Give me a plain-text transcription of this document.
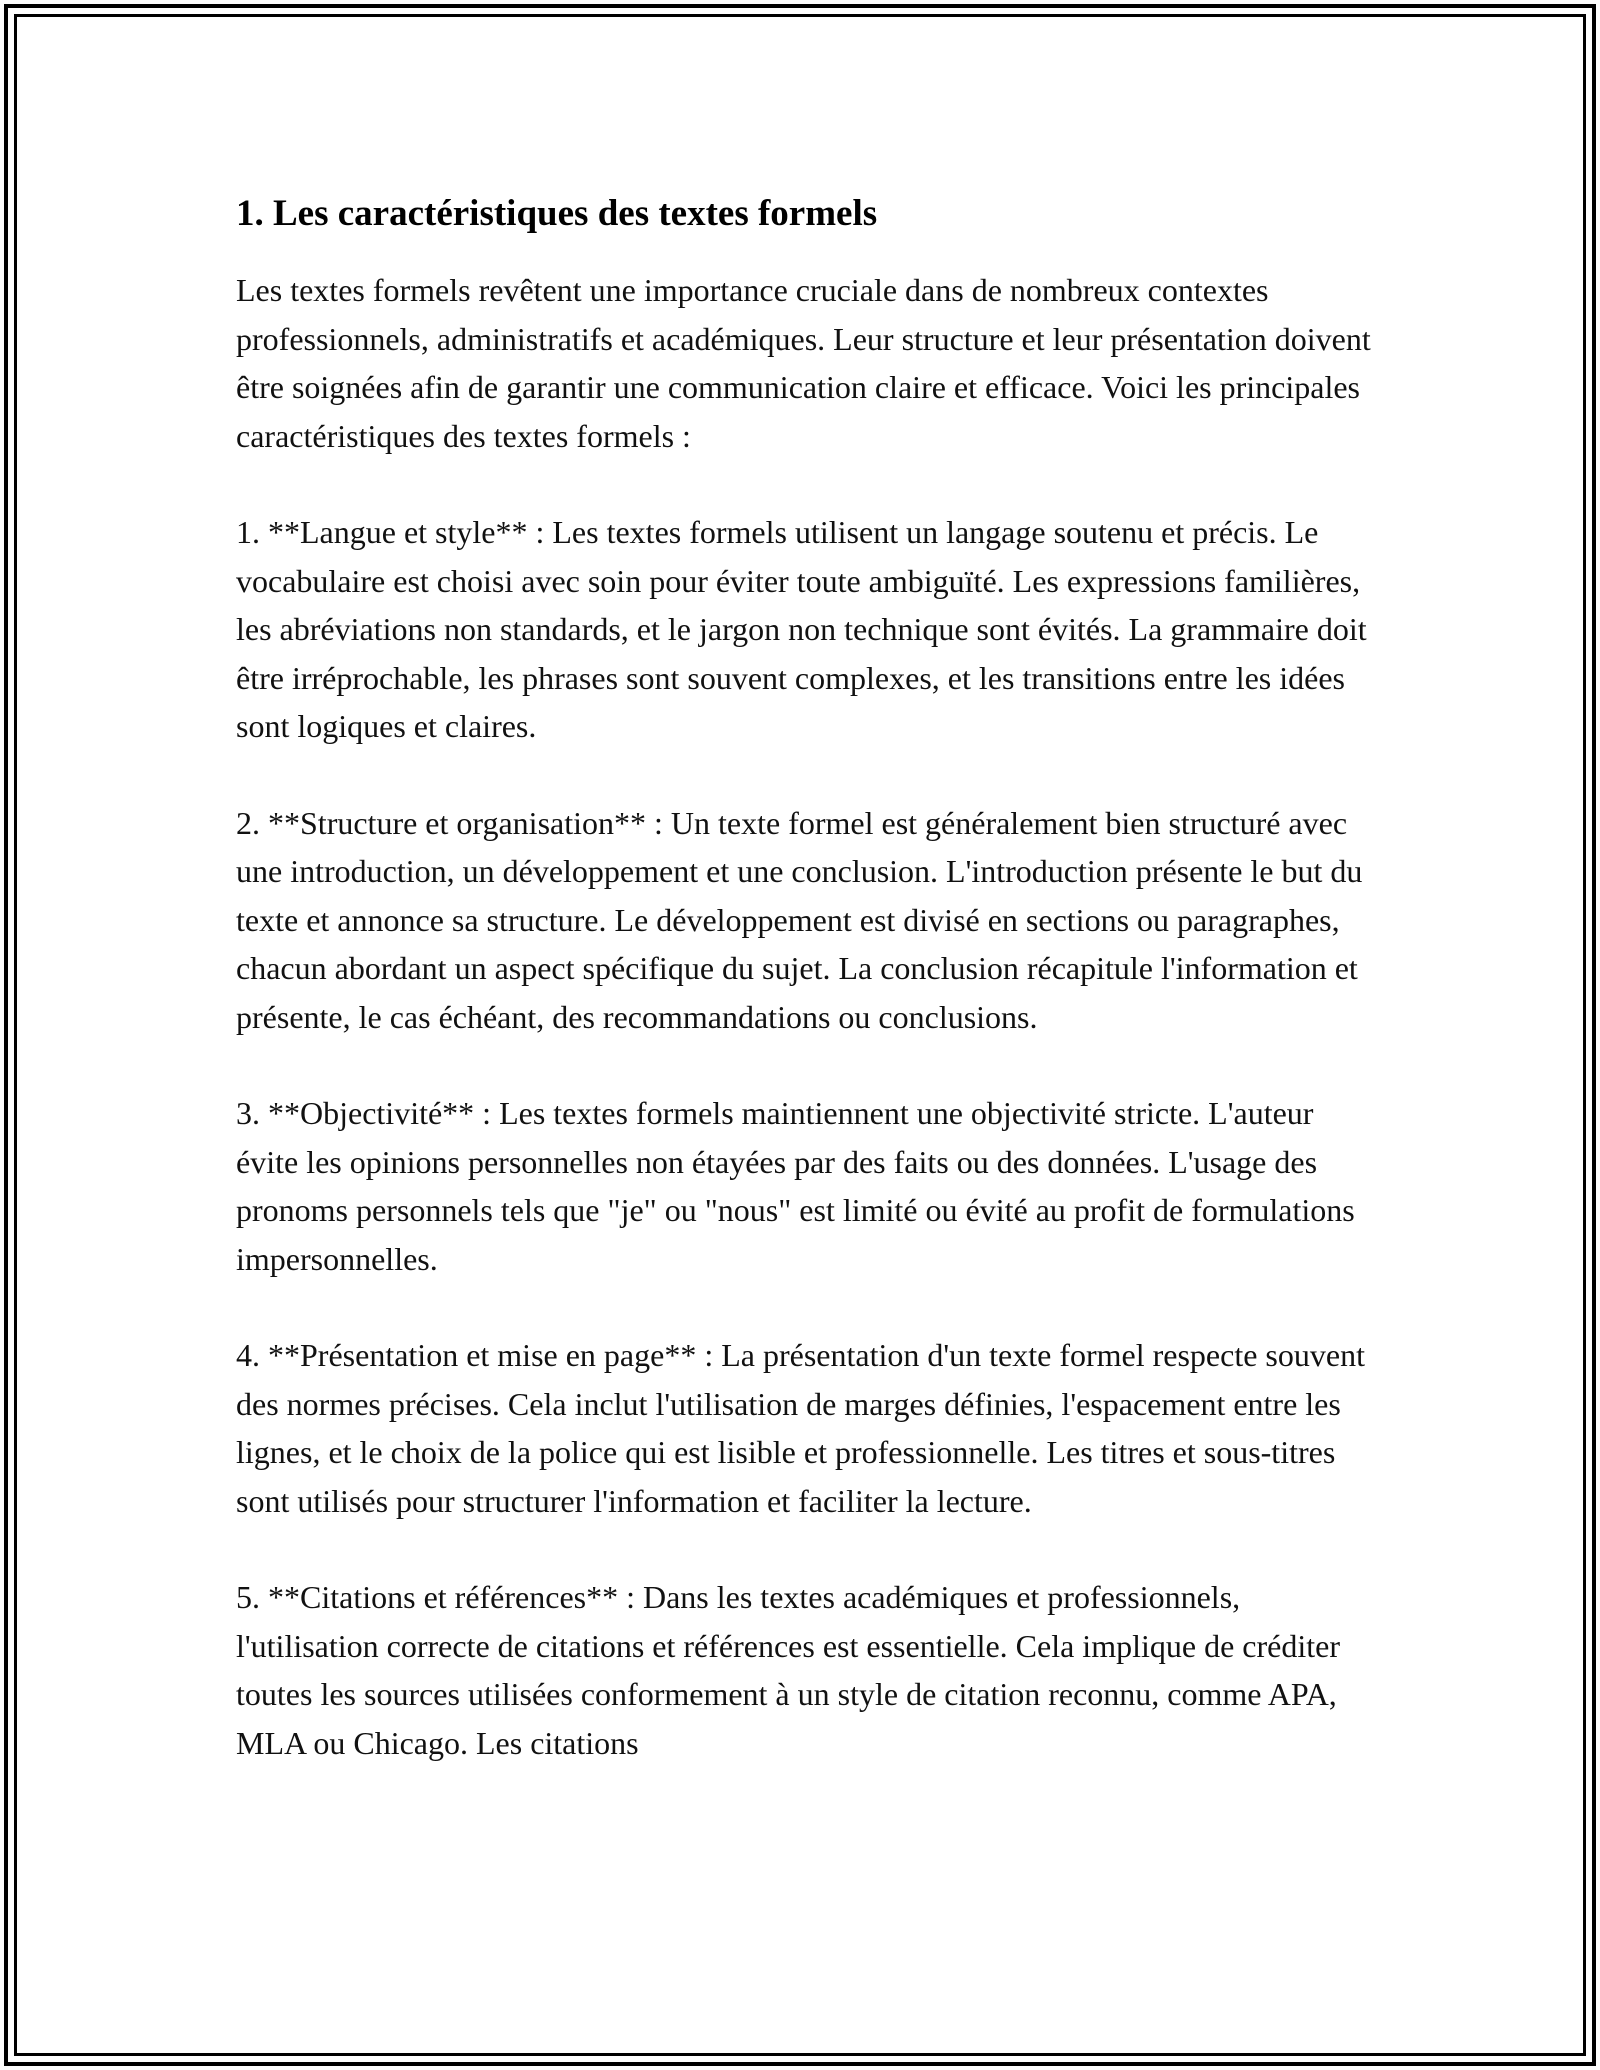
1. Les caractéristiques des textes formels

Les textes formels revêtent une importance cruciale dans de nombreux contextes professionnels, administratifs et académiques. Leur structure et leur présentation doivent être soignées afin de garantir une communication claire et efficace. Voici les principales caractéristiques des textes formels :

1. **Langue et style** : Les textes formels utilisent un langage soutenu et précis. Le vocabulaire est choisi avec soin pour éviter toute ambiguïté. Les expressions familières, les abréviations non standards, et le jargon non technique sont évités. La grammaire doit être irréprochable, les phrases sont souvent complexes, et les transitions entre les idées sont logiques et claires.

2. **Structure et organisation** : Un texte formel est généralement bien structuré avec une introduction, un développement et une conclusion. L'introduction présente le but du texte et annonce sa structure. Le développement est divisé en sections ou paragraphes, chacun abordant un aspect spécifique du sujet. La conclusion récapitule l'information et présente, le cas échéant, des recommandations ou conclusions.

3. **Objectivité** : Les textes formels maintiennent une objectivité stricte. L'auteur évite les opinions personnelles non étayées par des faits ou des données. L'usage des pronoms personnels tels que "je" ou "nous" est limité ou évité au profit de formulations impersonnelles.

4. **Présentation et mise en page** : La présentation d'un texte formel respecte souvent des normes précises. Cela inclut l'utilisation de marges définies, l'espacement entre les lignes, et le choix de la police qui est lisible et professionnelle. Les titres et sous-titres sont utilisés pour structurer l'information et faciliter la lecture.

5. **Citations et références** : Dans les textes académiques et professionnels, l'utilisation correcte de citations et références est essentielle. Cela implique de créditer toutes les sources utilisées conformement à un style de citation reconnu, comme APA, MLA ou Chicago. Les citations
